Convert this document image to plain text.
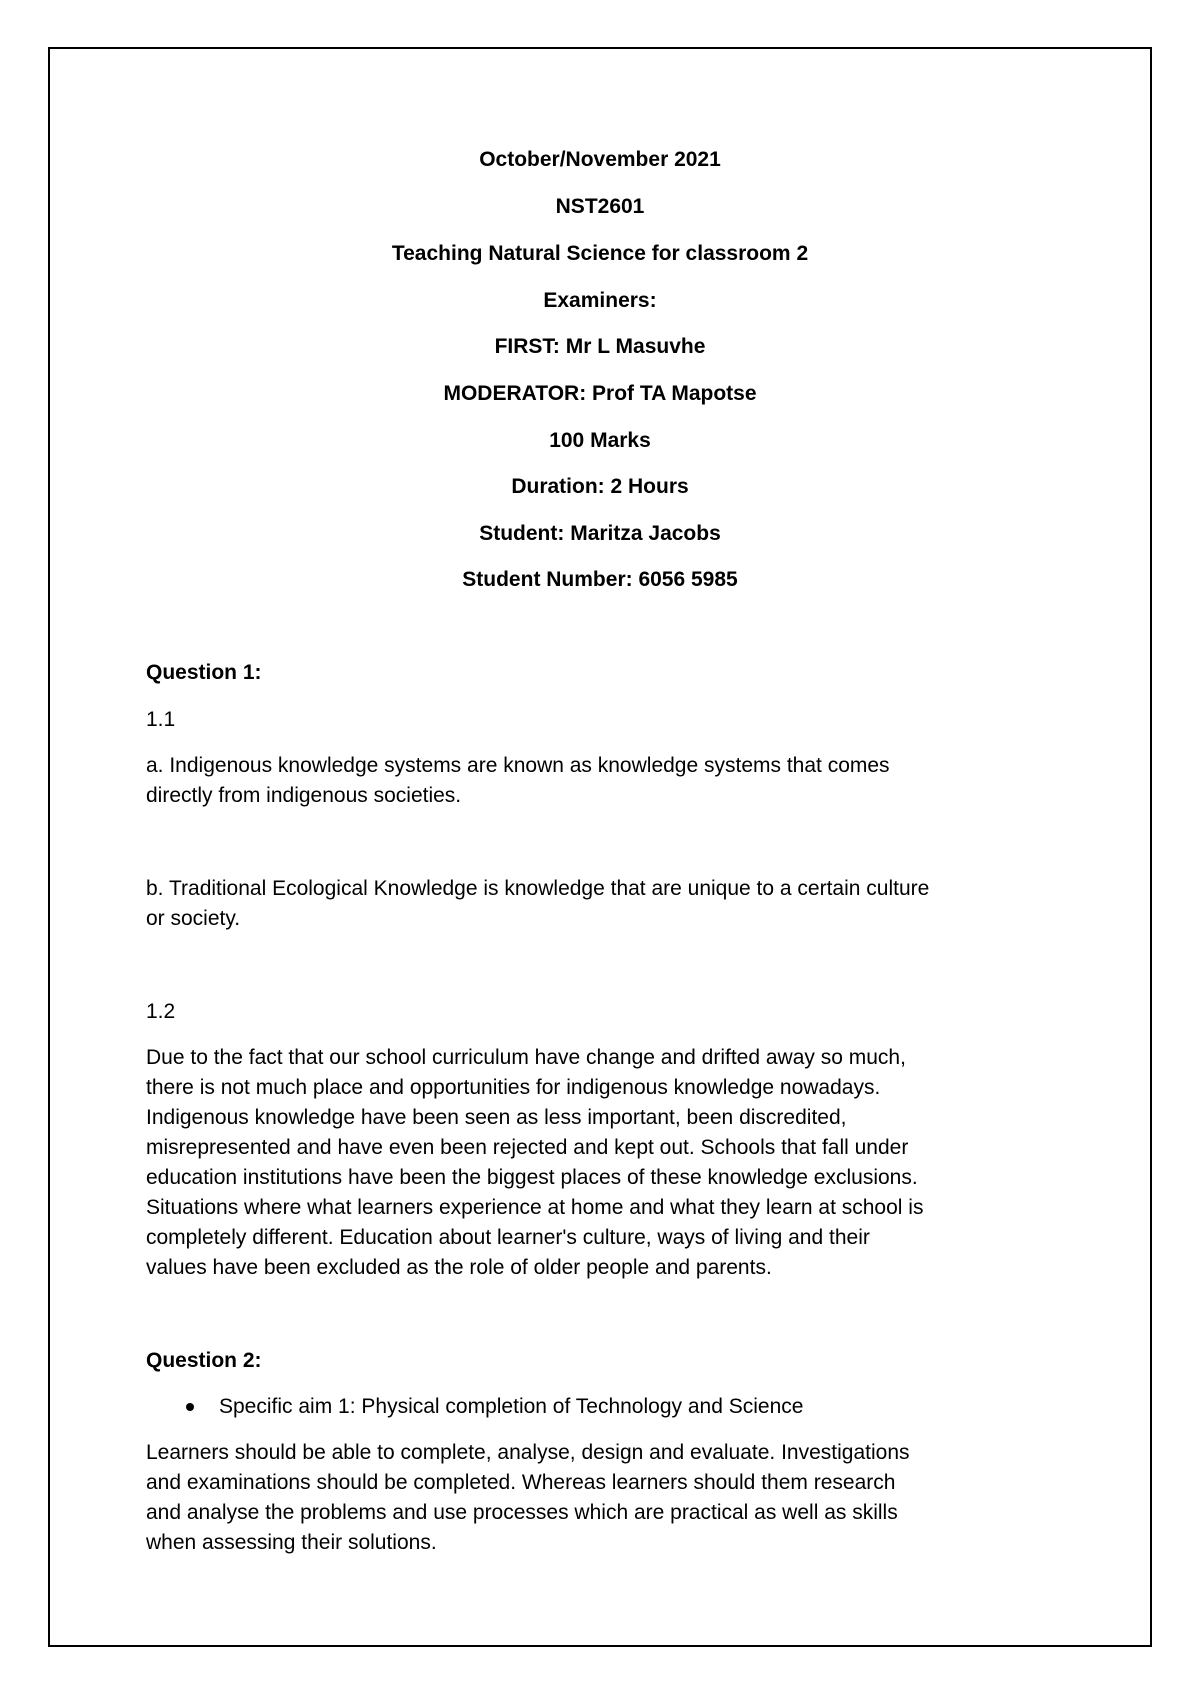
October/November 2021
NST2601
Teaching Natural Science for classroom 2
Examiners:
FIRST: Mr L Masuvhe
MODERATOR: Prof TA Mapotse
100 Marks
Duration: 2 Hours
Student: Maritza Jacobs
Student Number: 6056 5985
Question 1:
1.1
a. Indigenous knowledge systems are known as knowledge systems that comes
directly from indigenous societies.
b. Traditional Ecological Knowledge is knowledge that are unique to a certain culture
or society.
1.2
Due to the fact that our school curriculum have change and drifted away so much,
there is not much place and opportunities for indigenous knowledge nowadays.
Indigenous knowledge have been seen as less important, been discredited,
misrepresented and have even been rejected and kept out. Schools that fall under
education institutions have been the biggest places of these knowledge exclusions.
Situations where what learners experience at home and what they learn at school is
completely different. Education about learner's culture, ways of living and their
values have been excluded as the role of older people and parents.
Question 2:
Specific aim 1: Physical completion of Technology and Science
Learners should be able to complete, analyse, design and evaluate. Investigations
and examinations should be completed. Whereas learners should them research
and analyse the problems and use processes which are practical as well as skills
when assessing their solutions.
